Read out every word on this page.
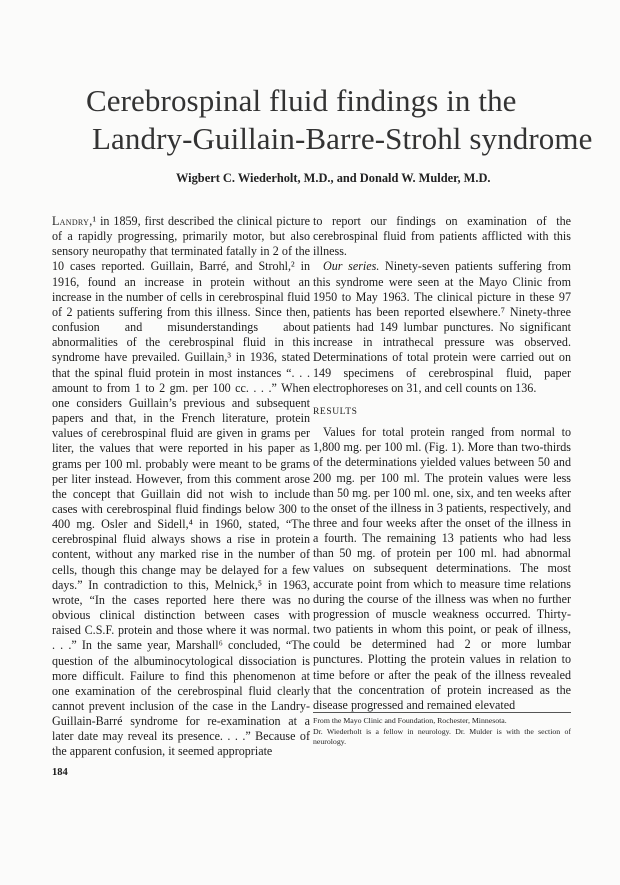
Cerebrospinal fluid findings in the
Landry-Guillain-Barre-Strohl syndrome
Wigbert C. Wiederholt, M.D., and Donald W. Mulder, M.D.

Landry,¹ in 1859, first described the clinical picture of a rapidly progressing, primarily motor, but also sensory neuropathy that terminated fatally in 2 of the 10 cases reported. Guillain, Barré, and Strohl,² in 1916, found an increase in protein without an increase in the number of cells in cerebrospinal fluid of 2 patients suffering from this illness. Since then, confusion and misunderstandings about abnormalities of the cerebrospinal fluid in this syndrome have prevailed. Guillain,³ in 1936, stated that the spinal fluid protein in most instances “. . . amount to from 1 to 2 gm. per 100 cc. . . .” When one considers Guillain’s previous and subsequent papers and that, in the French literature, protein values of cerebrospinal fluid are given in grams per liter, the values that were reported in his paper as grams per 100 ml. probably were meant to be grams per liter instead. However, from this comment arose the concept that Guillain did not wish to include cases with cerebrospinal fluid findings below 300 to 400 mg. Osler and Sidell,⁴ in 1960, stated, “The cerebrospinal fluid always shows a rise in protein content, without any marked rise in the number of cells, though this change may be delayed for a few days.” In contradiction to this, Melnick,⁵ in 1963, wrote, “In the cases reported here there was no obvious clinical distinction between cases with raised C.S.F. protein and those where it was normal. . . .” In the same year, Marshall⁶ concluded, “The question of the albuminocytological dissociation is more difficult. Failure to find this phenomenon at one examination of the cerebrospinal fluid clearly cannot prevent inclusion of the case in the Landry-Guillain-Barré syndrome for re-examination at a later date may reveal its presence. . . .” Because of the apparent confusion, it seemed appropriate

to report our findings on examination of the cerebrospinal fluid from patients afflicted with this illness.

Our series. Ninety-seven patients suffering from this syndrome were seen at the Mayo Clinic from 1950 to May 1963. The clinical picture in these 97 patients has been reported elsewhere.⁷ Ninety-three patients had 149 lumbar punctures. No significant increase in intrathecal pressure was observed. Determinations of total protein were carried out on 149 specimens of cerebrospinal fluid, paper electrophoreses on 31, and cell counts on 136.

RESULTS

Values for total protein ranged from normal to 1,800 mg. per 100 ml. (Fig. 1). More than two-thirds of the determinations yielded values between 50 and 200 mg. per 100 ml. The protein values were less than 50 mg. per 100 ml. one, six, and ten weeks after the onset of the illness in 3 patients, respectively, and three and four weeks after the onset of the illness in a fourth. The remaining 13 patients who had less than 50 mg. of protein per 100 ml. had abnormal values on subsequent determinations. The most accurate point from which to measure time relations during the course of the illness was when no further progression of muscle weakness occurred. Thirty-two patients in whom this point, or peak of illness, could be determined had 2 or more lumbar punctures. Plotting the protein values in relation to time before or after the peak of the illness revealed that the concentration of protein increased as the disease progressed and remained elevated

From the Mayo Clinic and Foundation, Rochester, Minnesota.

Dr. Wiederholt is a fellow in neurology. Dr. Mulder is with the section of neurology.

184
